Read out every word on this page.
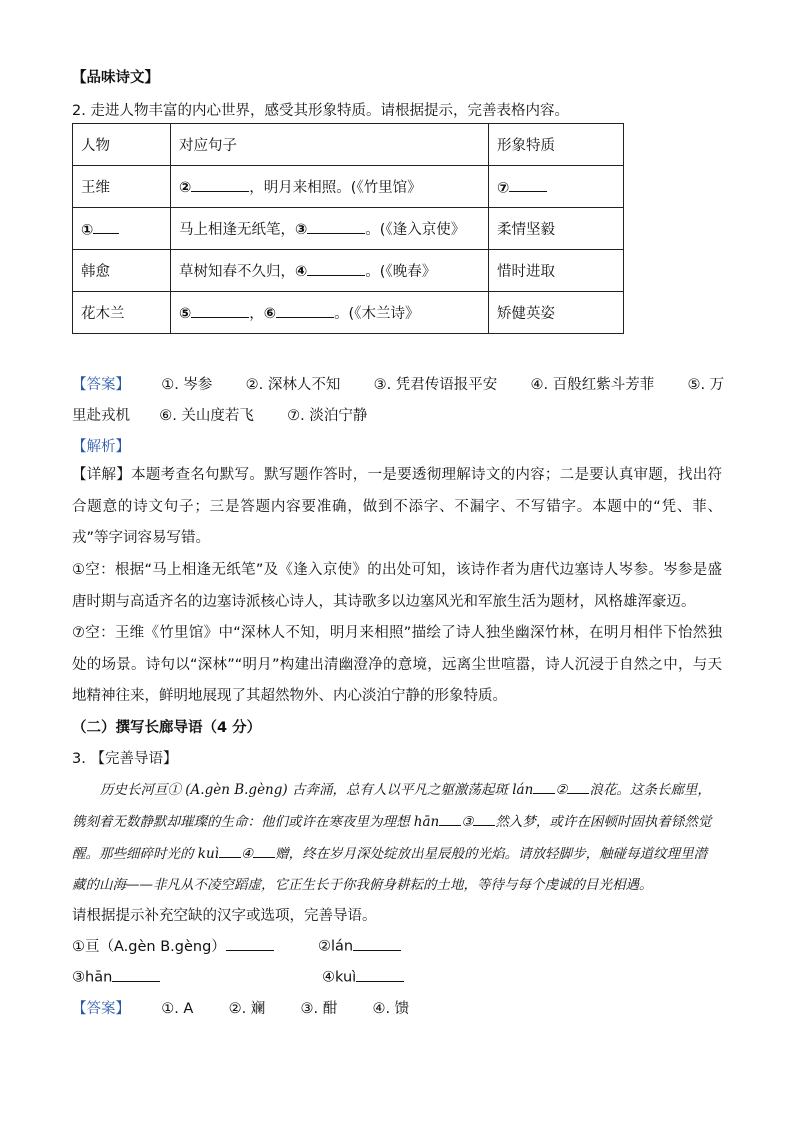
【品味诗文】
2. 走进人物丰富的内心世界，感受其形象特质。请根据提示，完善表格内容。
人物	对应句子	形象特质
王维	② ，明月来相照。(《竹里馆》	⑦
①	马上相逢无纸笔，③ 。(《逢入京使》	柔情坚毅
韩愈	草树知春不久归，④ 。(《晚春》	惜时进取
花木兰	⑤ ，⑥ 。(《木兰诗》	矫健英姿
【答案】 ①. 岑参 ②. 深林人不知 ③. 凭君传语报平安 ④. 百般红紫斗芳菲 ⑤. 万
里赴戎机 ⑥. 关山度若飞 ⑦. 淡泊宁静
【解析】
【详解】本题考查名句默写。默写题作答时，一是要透彻理解诗文的内容；二是要认真审题，找出符合题意的诗文句子；三是答题内容要准确，做到不添字、不漏字、不写错字。本题中的“凭、菲、戎”等字词容易写错。
①空：根据“马上相逢无纸笔”及《逢入京使》的出处可知，该诗作者为唐代边塞诗人岑参。岑参是盛唐时期与高适齐名的边塞诗派核心诗人，其诗歌多以边塞风光和军旅生活为题材，风格雄浑豪迈。
⑦空：王维《竹里馆》中“深林人不知，明月来相照”描绘了诗人独坐幽深竹林，在明月相伴下怡然独处的场景。诗句以“深林”“明月”构建出清幽澄净的意境，远离尘世喧嚣，诗人沉浸于自然之中，与天地精神往来，鲜明地展现了其超然物外、内心淡泊宁静的形象特质。
（二）撰写长廊导语（4 分）
3. 【完善导语】
历史长河亘① (A.gèn B.gèng) 古奔涌，总有人以平凡之躯激荡起斑 lán ② 浪花。这条长廊里，
镌刻着无数静默却璀璨的生命：他们或许在寒夜里为理想 hān ③ 然入梦，或许在困顿时固执着铩然觉
醒。那些细碎时光的 kuì ④ 赠，终在岁月深处绽放出星辰般的光焰。请放轻脚步，触碰每道纹理里潜
藏的山海——非凡从不凌空蹈虚，它正生长于你我俯身耕耘的土地，等待与每个虔诚的目光相遇。
请根据提示补充空缺的汉字或选项，完善导语。
①亘（A.gèn B.gèng）	②lán
③hān	④kuì
【答案】 ①. A ②. 斓 ③. 酣 ④. 馈
